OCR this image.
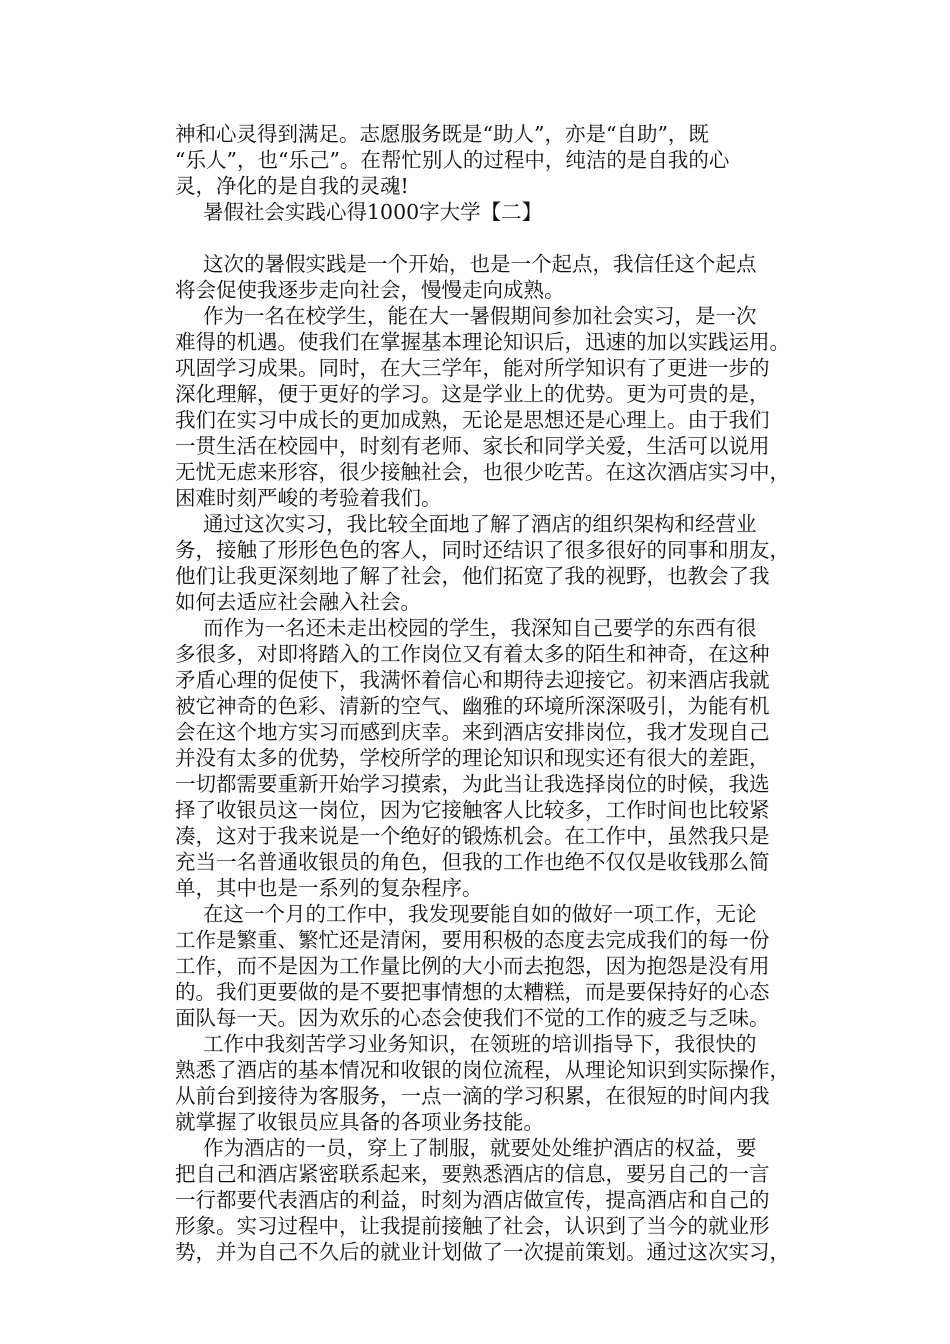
神和心灵得到满足。志愿服务既是“助人”，亦是“自助”，既
“乐人”，也“乐己”。在帮忙别人的过程中，纯洁的是自我的心
灵，净化的是自我的灵魂!
暑假社会实践心得1000字大学【二】
这次的暑假实践是一个开始，也是一个起点，我信任这个起点
将会促使我逐步走向社会，慢慢走向成熟。
作为一名在校学生，能在大一暑假期间参加社会实习，是一次
难得的机遇。使我们在掌握基本理论知识后，迅速的加以实践运用。
巩固学习成果。同时，在大三学年，能对所学知识有了更进一步的
深化理解，便于更好的学习。这是学业上的优势。更为可贵的是，
我们在实习中成长的更加成熟，无论是思想还是心理上。由于我们
一贯生活在校园中，时刻有老师、家长和同学关爱，生活可以说用
无忧无虑来形容，很少接触社会，也很少吃苦。在这次酒店实习中，
困难时刻严峻的考验着我们。
通过这次实习，我比较全面地了解了酒店的组织架构和经营业
务，接触了形形色色的客人，同时还结识了很多很好的同事和朋友，
他们让我更深刻地了解了社会，他们拓宽了我的视野，也教会了我
如何去适应社会融入社会。
而作为一名还未走出校园的学生，我深知自己要学的东西有很
多很多，对即将踏入的工作岗位又有着太多的陌生和神奇，在这种
矛盾心理的促使下，我满怀着信心和期待去迎接它。初来酒店我就
被它神奇的色彩、清新的空气、幽雅的环境所深深吸引，为能有机
会在这个地方实习而感到庆幸。来到酒店安排岗位，我才发现自己
并没有太多的优势，学校所学的理论知识和现实还有很大的差距，
一切都需要重新开始学习摸索，为此当让我选择岗位的时候，我选
择了收银员这一岗位，因为它接触客人比较多，工作时间也比较紧
凑，这对于我来说是一个绝好的锻炼机会。在工作中，虽然我只是
充当一名普通收银员的角色，但我的工作也绝不仅仅是收钱那么简
单，其中也是一系列的复杂程序。
在这一个月的工作中，我发现要能自如的做好一项工作，无论
工作是繁重、繁忙还是清闲，要用积极的态度去完成我们的每一份
工作，而不是因为工作量比例的大小而去抱怨，因为抱怨是没有用
的。我们更要做的是不要把事情想的太糟糕，而是要保持好的心态
面队每一天。因为欢乐的心态会使我们不觉的工作的疲乏与乏味。
工作中我刻苦学习业务知识，在领班的培训指导下，我很快的
熟悉了酒店的基本情况和收银的岗位流程，从理论知识到实际操作，
从前台到接待为客服务，一点一滴的学习积累，在很短的时间内我
就掌握了收银员应具备的各项业务技能。
作为酒店的一员，穿上了制服，就要处处维护酒店的权益，要
把自己和酒店紧密联系起来，要熟悉酒店的信息，要另自己的一言
一行都要代表酒店的利益，时刻为酒店做宣传，提高酒店和自己的
形象。实习过程中，让我提前接触了社会，认识到了当今的就业形
势，并为自己不久后的就业计划做了一次提前策划。通过这次实习，
